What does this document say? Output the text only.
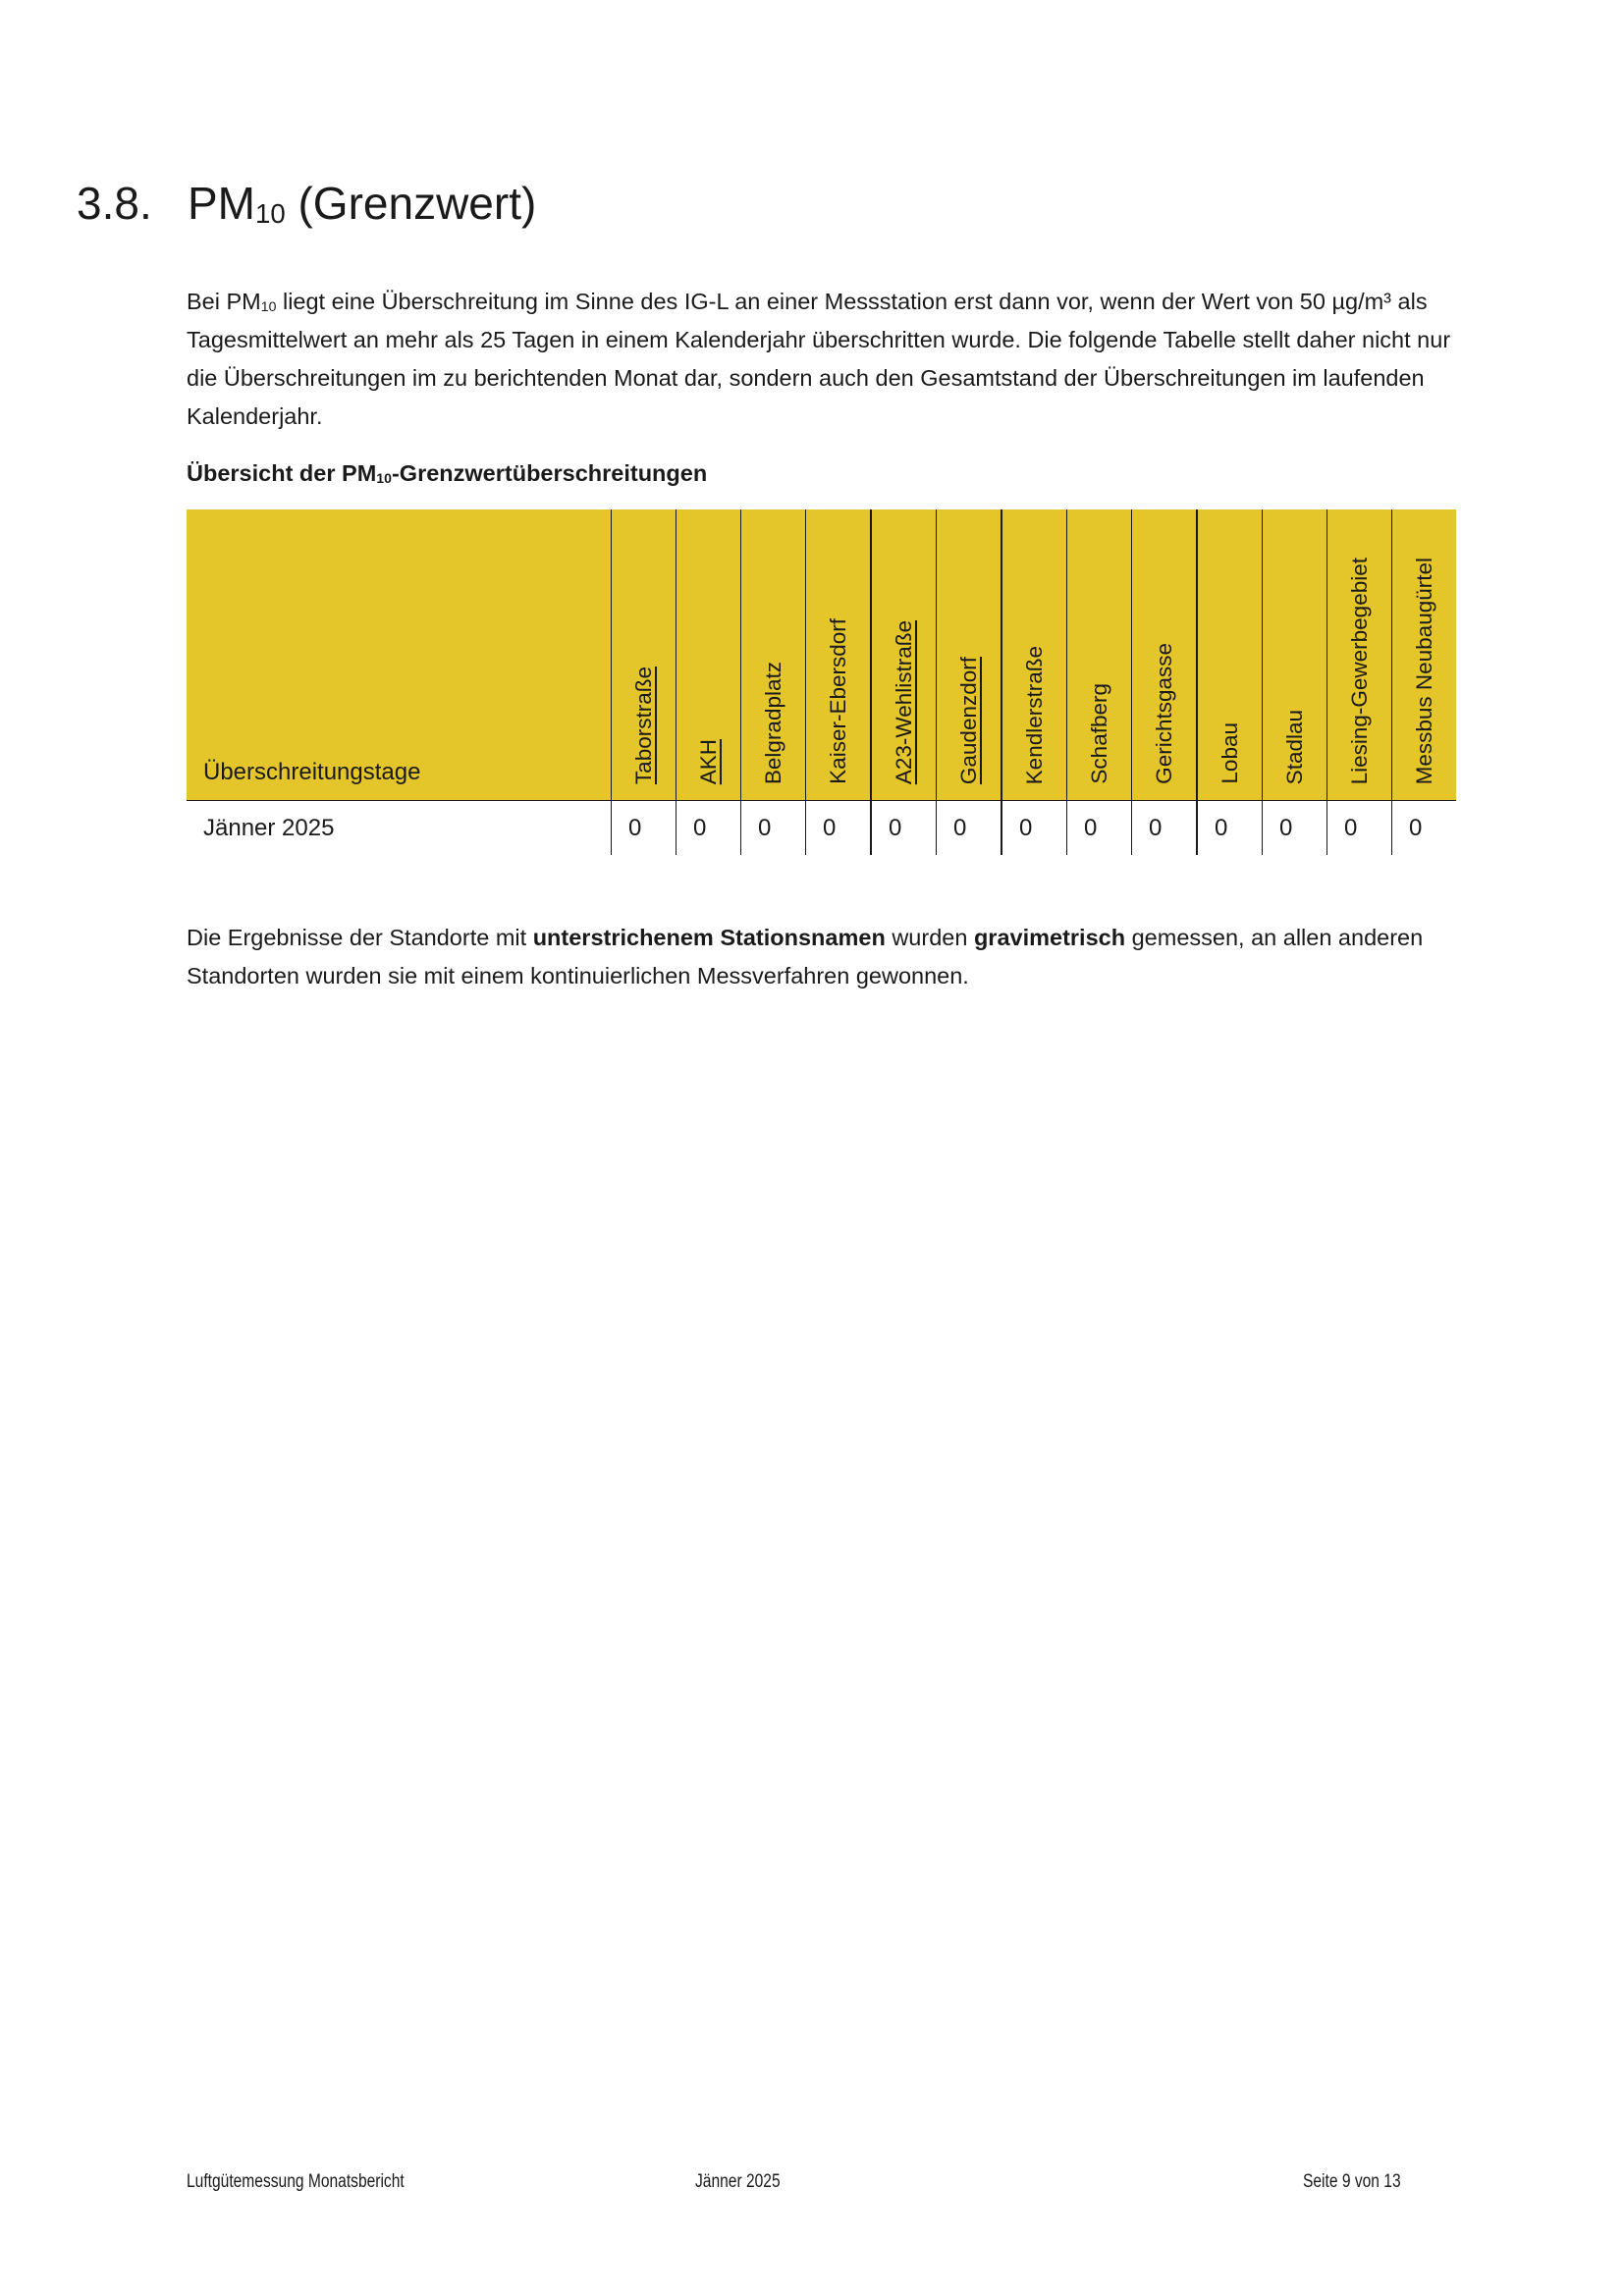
3.8. $PM_{10}$ (Grenzwert)

Bei $PM_{10}$ liegt eine Überschreitung im Sinne des IG-L an einer Messstation erst dann vor, wenn der Wert von 50 µg/m³ als Tagesmittelwert an mehr als 25 Tagen in einem Kalenderjahr überschritten wurde. Die folgende Tabelle stellt daher nicht nur die Überschreitungen im zu berichtenden Monat dar, sondern auch den Gesamtstand der Überschreitungen im laufenden Kalenderjahr.

Übersicht der $PM_{10}$-Grenzwertüberschreitungen

Überschreitungstage	Taborstraße	AKH	Belgradplatz	Kaiser-Ebersdorf	A23-Wehlistraße	Gaudenzdorf	Kendlerstraße	Schafberg	Gerichtsgasse	Lobau	Stadlau	Liesing-Gewerbegebiet	Messbus Neubaugürtel

Jänner 2025	0	0	0	0	0	0	0	0	0	0	0	0	0

Die Ergebnisse der Standorte mit unterstrichenem Stationsnamen wurden gravimetrisch gemessen, an allen anderen Standorten wurden sie mit einem kontinuierlichen Messverfahren gewonnen.

Luftgütemessung Monatsbericht	Jänner 2025	Seite 9 von 13
